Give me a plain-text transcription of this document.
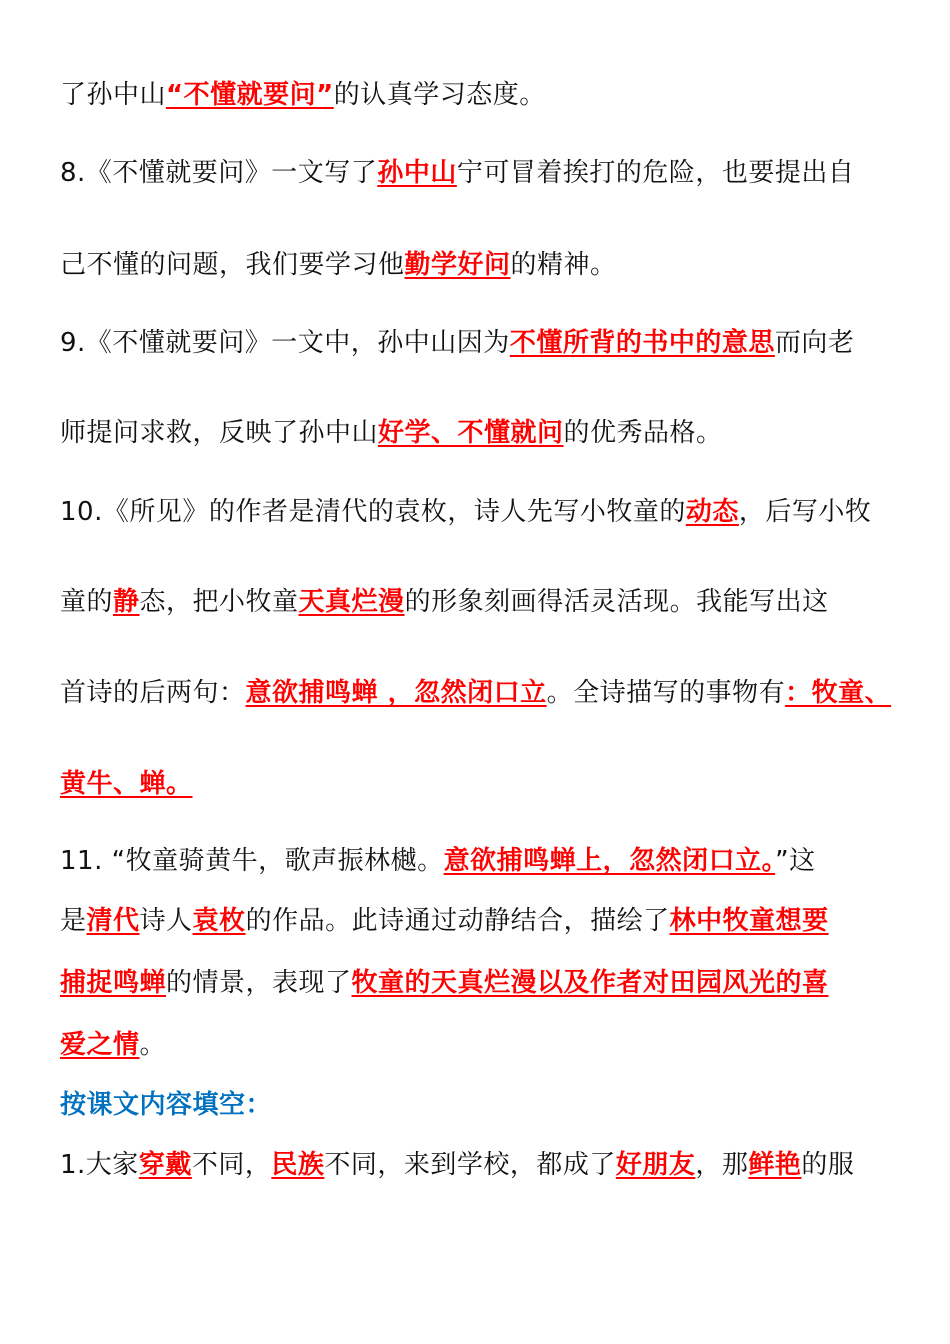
了孙中山“不懂就要问”的认真学习态度。
8.《不懂就要问》一文写了孙中山宁可冒着挨打的危险，也要提出自
己不懂的问题，我们要学习他勤学好问的精神。
9.《不懂就要问》一文中，孙中山因为不懂所背的书中的意思而向老
师提问求救，反映了孙中山好学、不懂就问的优秀品格。
10.《所见》的作者是清代的袁枚，诗人先写小牧童的动态，后写小牧
童的静态，把小牧童天真烂漫的形象刻画得活灵活现。我能写出这
首诗的后两句：意欲捕鸣蝉 ，忽然闭口立。全诗描写的事物有：牧童、
黄牛、蝉。
11. “牧童骑黄牛，歌声振林樾。意欲捕鸣蝉上，忽然闭口立。”这
是清代诗人袁枚的作品。此诗通过动静结合，描绘了林中牧童想要
捕捉鸣蝉的情景，表现了牧童的天真烂漫以及作者对田园风光的喜
爱之情。
按课文内容填空：
1.大家穿戴不同，民族不同，来到学校，都成了好朋友，那鲜艳的服
